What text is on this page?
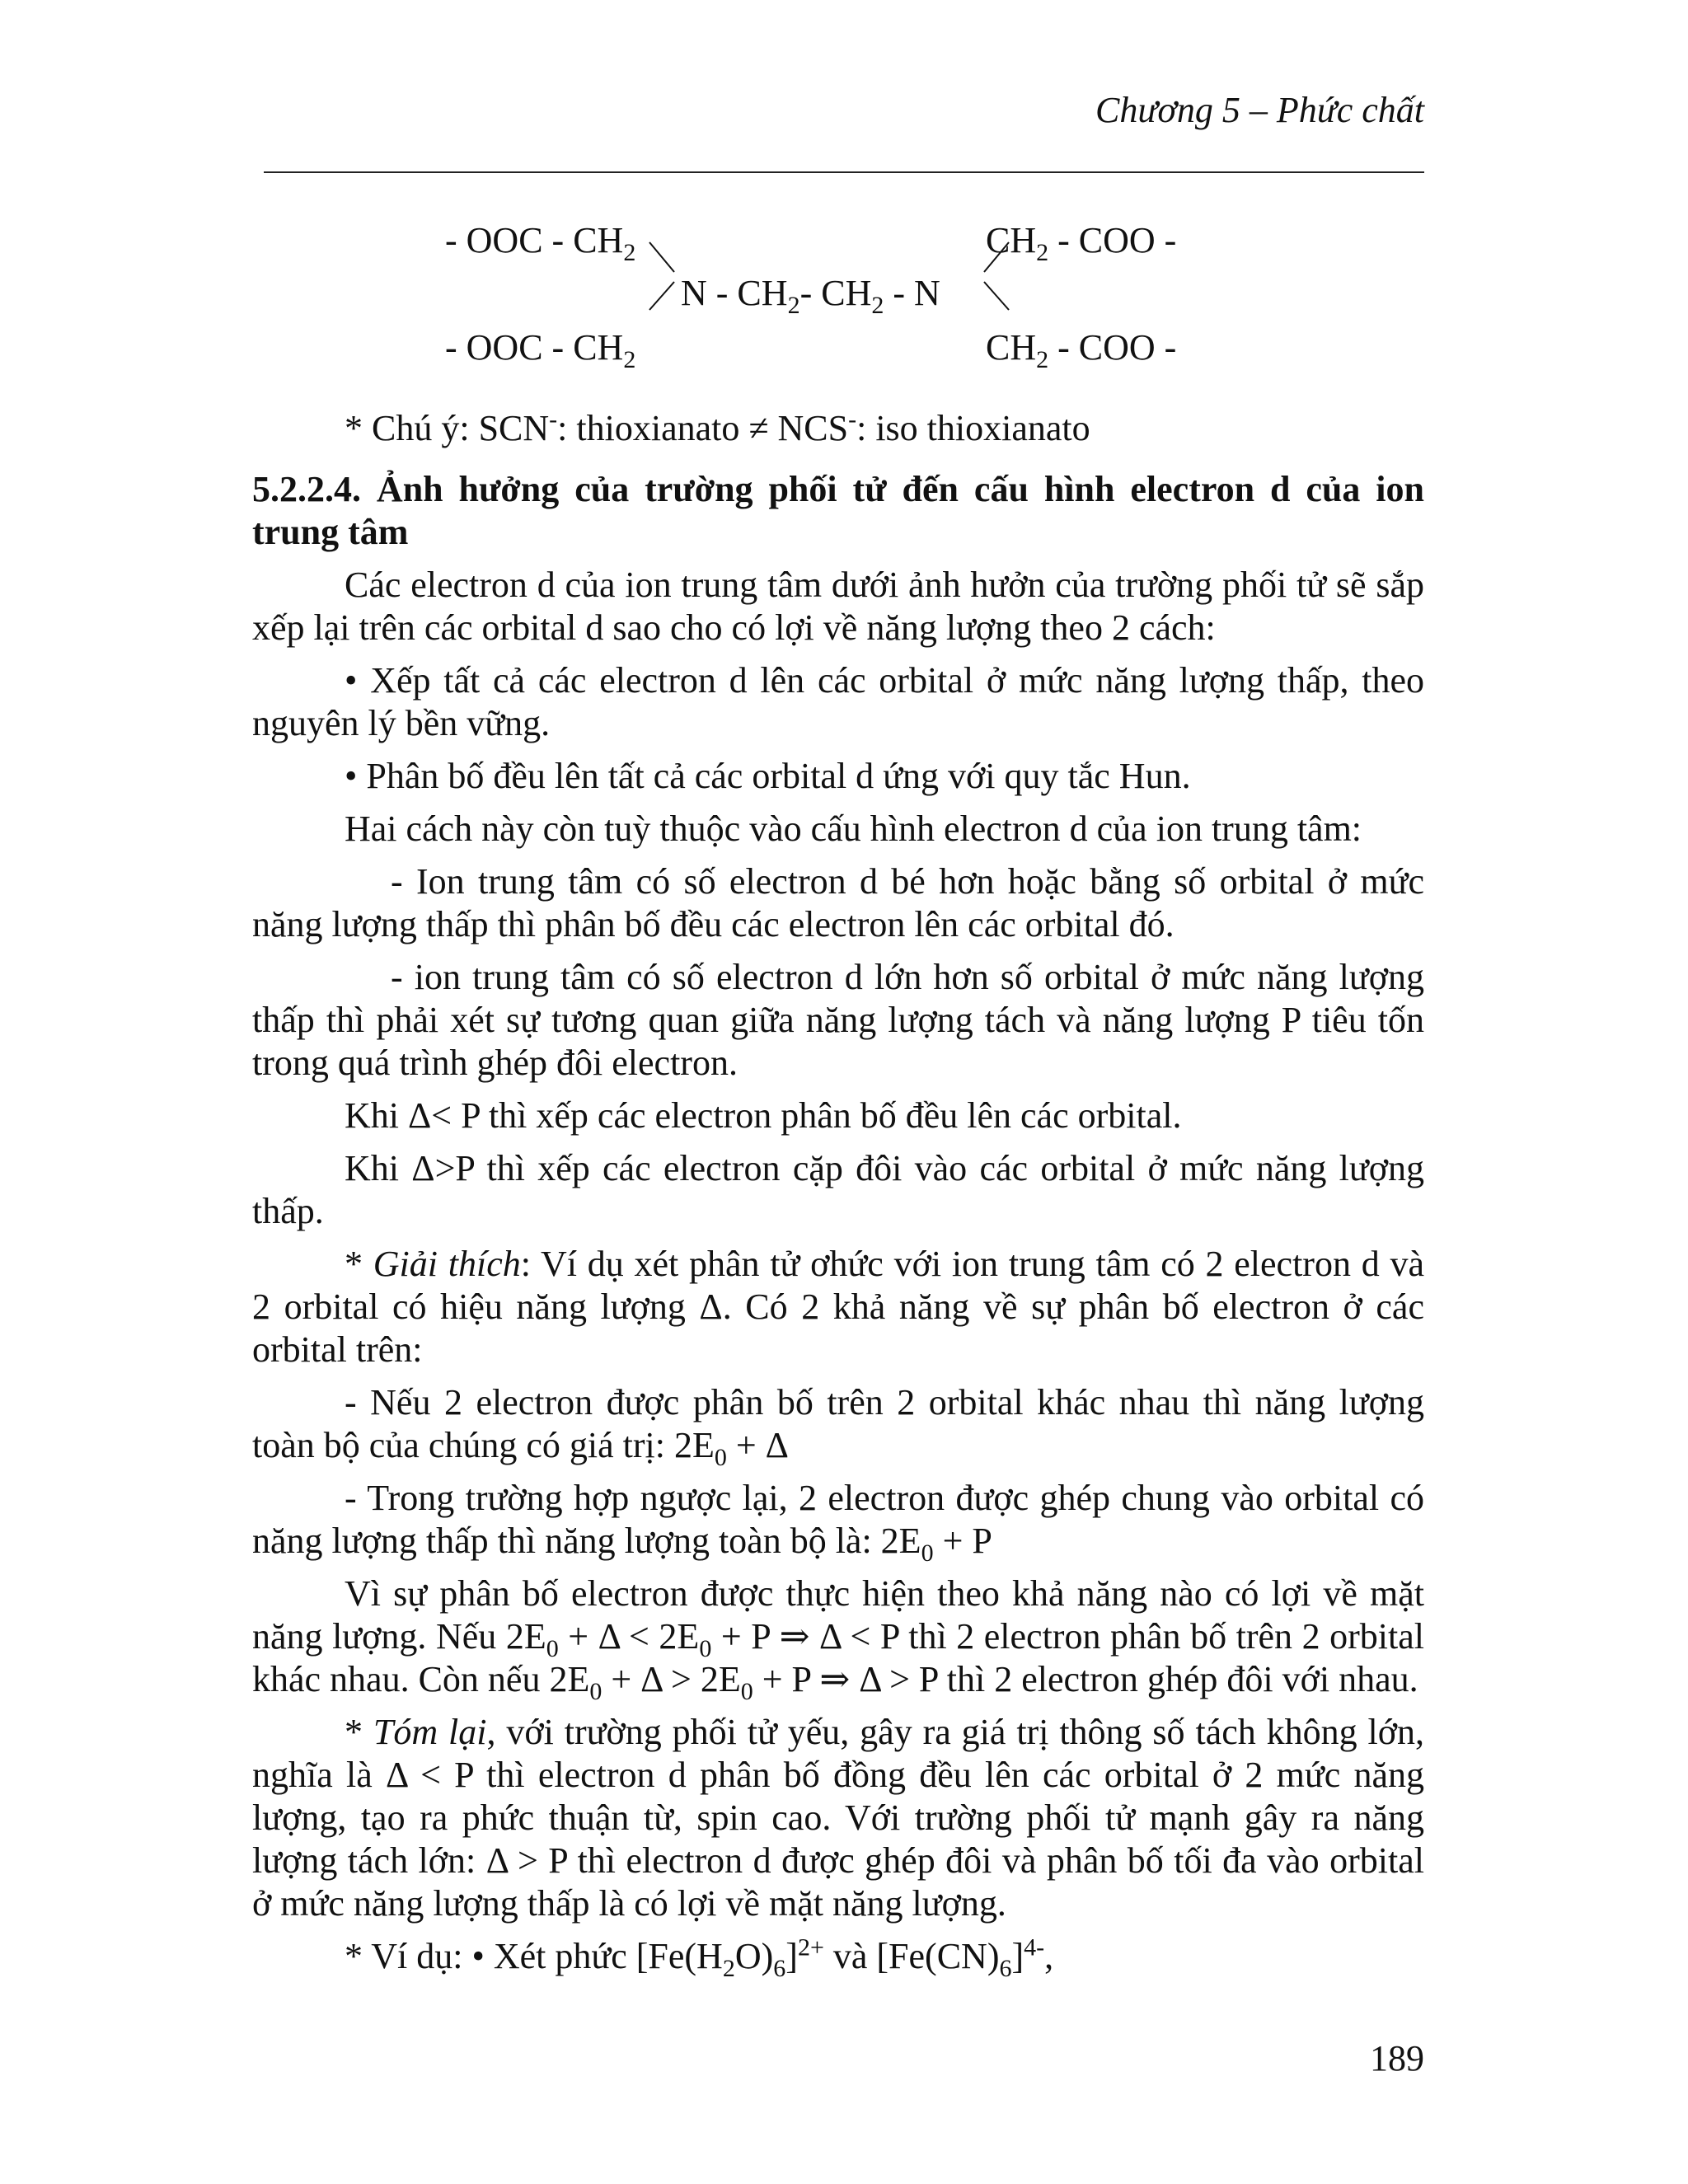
Chương 5 – Phức chất
- OOC - $CH_2$	$CH_2$ - COO -
N - $CH_2-$ $CH_2$ - N
- OOC - $CH_2$	$CH_2$ - COO -

* Chú ý: SCN-: thioxianato ≠ NCS-: iso thioxianato

5.2.2.4. Ảnh hưởng của trường phối tử đến cấu hình electron d của ion trung tâm

Các electron d của ion trung tâm dưới ảnh hưởn của trường phối tử sẽ sắp xếp lại trên các orbital d sao cho có lợi về năng lượng theo 2 cách:

• Xếp tất cả các electron d lên các orbital ở mức năng lượng thấp, theo nguyên lý bền vững.

• Phân bố đều lên tất cả các orbital d ứng với quy tắc Hun.

Hai cách này còn tuỳ thuộc vào cấu hình electron d của ion trung tâm:

- Ion trung tâm có số electron d bé hơn hoặc bằng số orbital ở mức năng lượng thấp thì phân bố đều các electron lên các orbital đó.

- ion trung tâm có số electron d lớn hơn số orbital ở mức năng lượng thấp thì phải xét sự tương quan giữa năng lượng tách và năng lượng P tiêu tốn trong quá trình ghép đôi electron.

Khi Δ< P thì xếp các electron phân bố đều lên các orbital.

Khi Δ>P thì xếp các electron cặp đôi vào các orbital ở mức năng lượng thấp.

* Giải thích: Ví dụ xét phân tử ơhức với ion trung tâm có 2 electron d và 2 orbital có hiệu năng lượng Δ. Có 2 khả năng về sự phân bố electron ở các orbital trên:

- Nếu 2 electron được phân bố trên 2 orbital khác nhau thì năng lượng toàn bộ của chúng có giá trị: $2E_0 + \Delta$

- Trong trường hợp ngược lại, 2 electron được ghép chung vào orbital có năng lượng thấp thì năng lượng toàn bộ là: $2E_0 + P$

Vì sự phân bố electron được thực hiện theo khả năng nào có lợi về mặt năng lượng. Nếu $2E_0 + \Delta < 2E_0 + P$ ⇒ Δ < P thì 2 electron phân bố trên 2 orbital khác nhau. Còn nếu $2E_0 + \Delta > 2E_0 + P$ ⇒ Δ > P thì 2 electron ghép đôi với nhau.

* Tóm lại, với trường phối tử yếu, gây ra giá trị thông số tách không lớn, nghĩa là Δ < P thì electron d phân bố đồng đều lên các orbital ở 2 mức năng lượng, tạo ra phức thuận từ, spin cao. Với trường phối tử mạnh gây ra năng lượng tách lớn: Δ > P thì electron d được ghép đôi và phân bố tối đa vào orbital ở mức năng lượng thấp là có lợi về mặt năng lượng.

* Ví dụ: • Xét phức $[Fe(H_2O)_6]^{2+}$ và $[Fe(CN)_6]^{4-}$,

189
